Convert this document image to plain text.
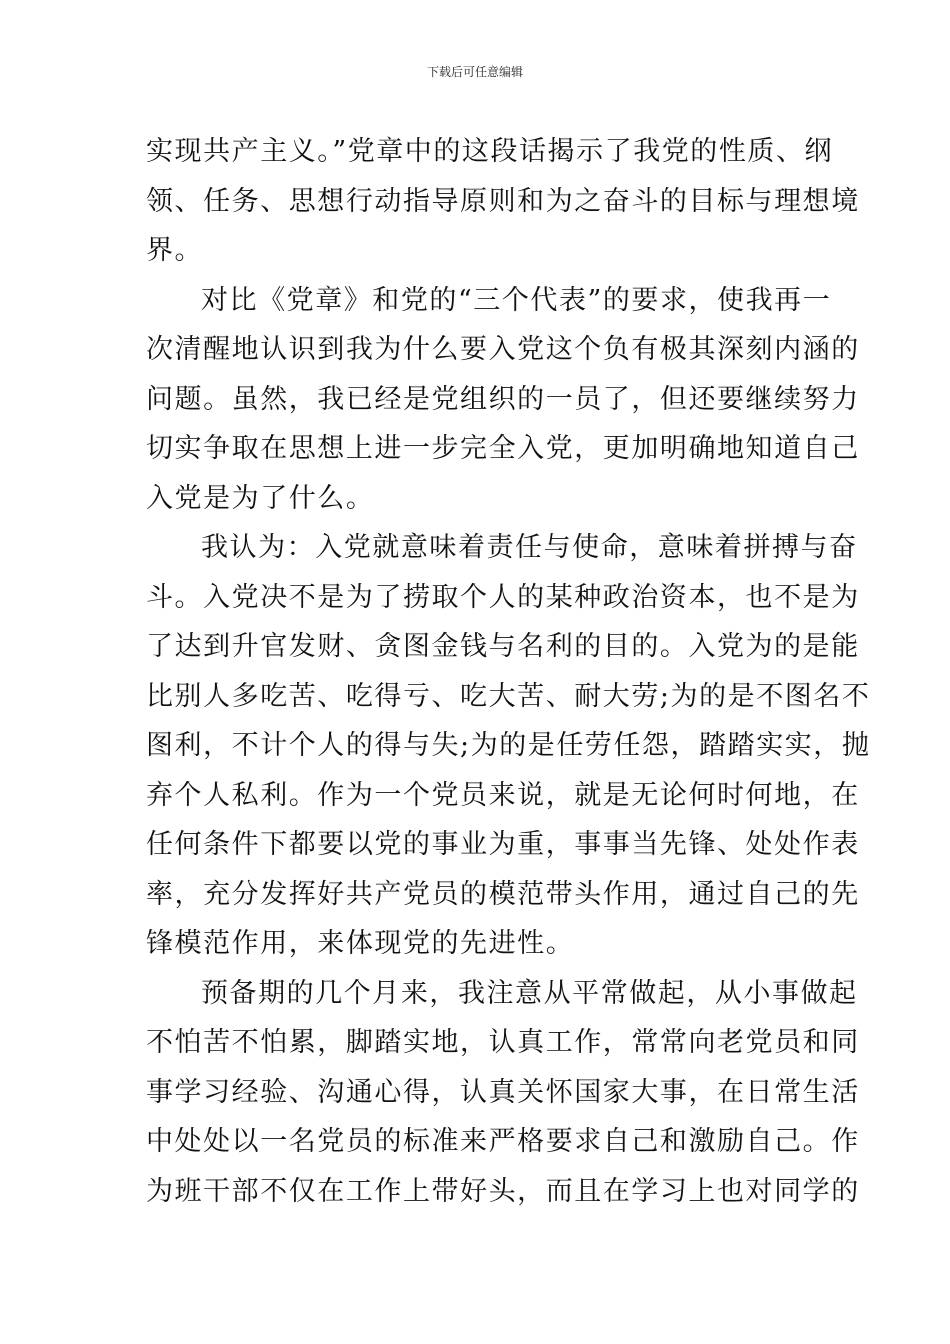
下载后可任意编辑
实现共产主义。”党章中的这段话揭示了我党的性质、纲
领、任务、思想行动指导原则和为之奋斗的目标与理想境
界。
对比《党章》和党的“三个代表”的要求，使我再一
次清醒地认识到我为什么要入党这个负有极其深刻内涵的
问题。虽然，我已经是党组织的一员了，但还要继续努力
切实争取在思想上进一步完全入党，更加明确地知道自己
入党是为了什么。
我认为：入党就意味着责任与使命，意味着拼搏与奋
斗。入党决不是为了捞取个人的某种政治资本，也不是为
了达到升官发财、贪图金钱与名利的目的。入党为的是能
比别人多吃苦、吃得亏、吃大苦、耐大劳;为的是不图名不
图利，不计个人的得与失;为的是任劳任怨，踏踏实实，抛
弃个人私利。作为一个党员来说，就是无论何时何地，在
任何条件下都要以党的事业为重，事事当先锋、处处作表
率，充分发挥好共产党员的模范带头作用，通过自己的先
锋模范作用，来体现党的先进性。
预备期的几个月来，我注意从平常做起，从小事做起
不怕苦不怕累，脚踏实地，认真工作，常常向老党员和同
事学习经验、沟通心得，认真关怀国家大事，在日常生活
中处处以一名党员的标准来严格要求自己和激励自己。作
为班干部不仅在工作上带好头，而且在学习上也对同学的
